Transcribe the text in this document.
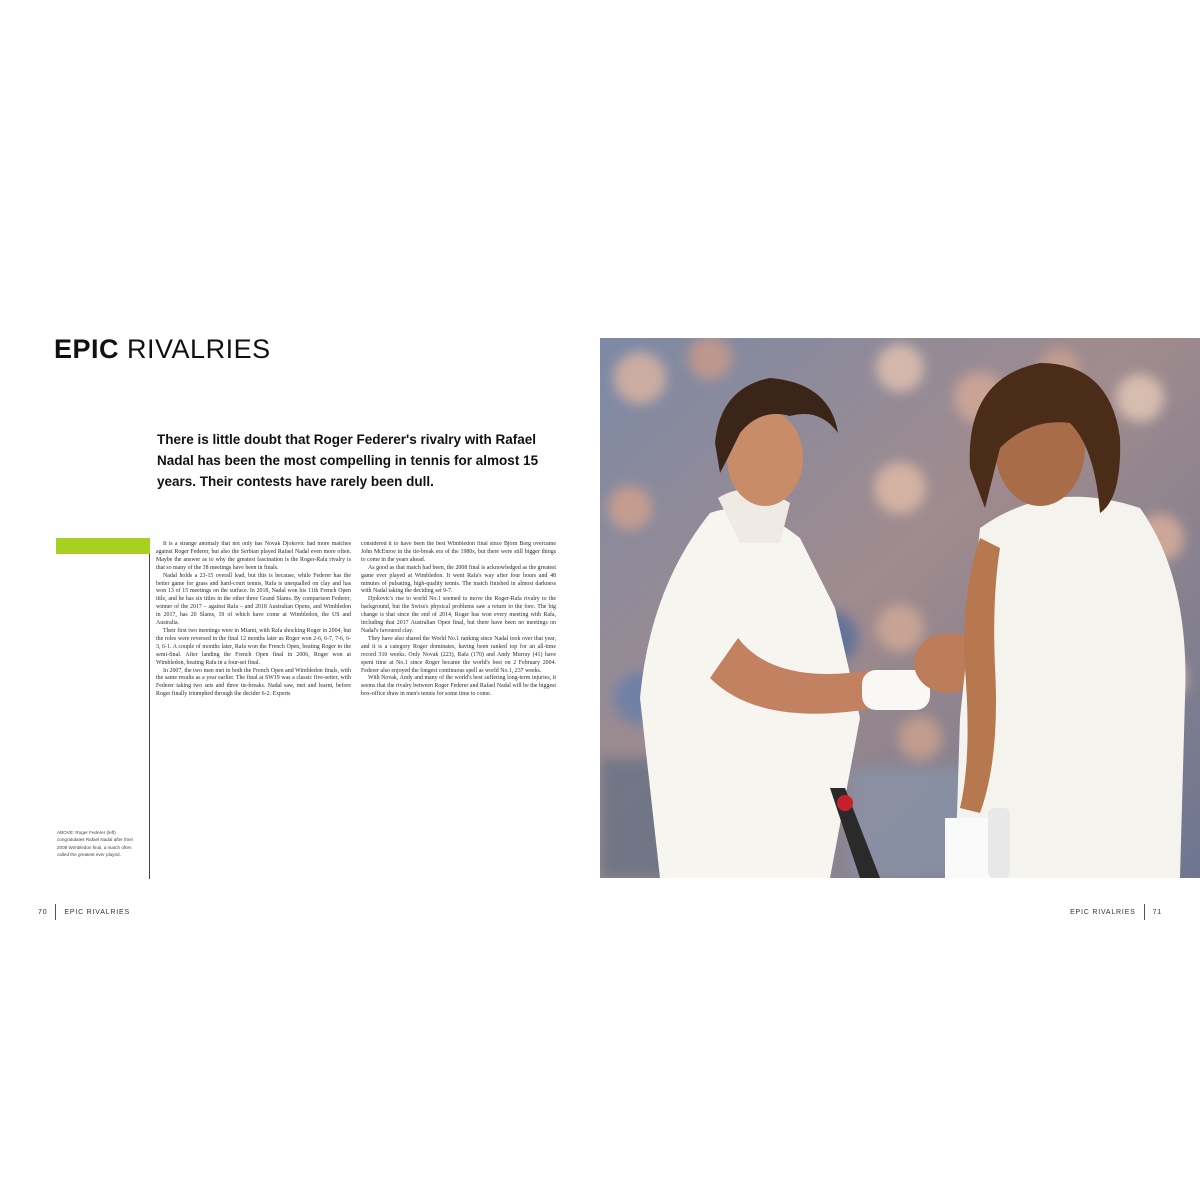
EPIC RIVALRIES

There is little doubt that Roger Federer's rivalry with Rafael Nadal has been the most compelling in tennis for almost 15 years. Their contests have rarely been dull.

ABOVE: Roger Federer (left) congratulates Rafael Nadal after their 2008 Wimbledon final, a match often called the greatest ever played.

It is a strange anomaly that not only has Novak Djokovic had more matches against Roger Federer, but also the Serbian played Rafael Nadal even more often. Maybe the answer as to why the greatest fascination is the Roger-Rafa rivalry is that so many of the 38 meetings have been in finals.

Nadal holds a 23-15 overall lead, but this is because, while Federer has the better game for grass and hard-court tennis, Rafa is unequalled on clay and has won 13 of 15 meetings on the surface. In 2018, Nadal won his 11th French Open title, and he has six titles in the other three Grand Slams. By comparison Federer, winner of the 2017 – against Rafa – and 2018 Australian Opens, and Wimbledon in 2017, has 20 Slams, 19 of which have come at Wimbledon, the US and Australia.

Their first two meetings were in Miami, with Rafa shocking Roger in 2004, but the roles were reversed in the final 12 months later as Roger won 2-6, 6-7, 7-6, 6-3, 6-1. A couple of months later, Rafa won the French Open, beating Roger in the semi-final. After landing the French Open final in 2006, Roger won at Wimbledon, beating Rafa in a four-set final.

In 2007, the two men met in both the French Open and Wimbledon finals, with the same results as a year earlier. The final at SW19 was a classic five-setter, with Federer taking two sets and three tie-breaks. Nadal saw, met and learnt, before Roger finally triumphed through the decider 6-2. Experts

considered it to have been the best Wimbledon final since Bjorn Borg overcame John McEnroe in the tie-break era of the 1980s, but there were still bigger things to come in the years ahead.

As good as that match had been, the 2008 final is acknowledged as the greatest game ever played at Wimbledon. It went Rafa's way after four hours and 48 minutes of pulsating, high-quality tennis. The match finished in almost darkness with Nadal taking the deciding set 9-7.

Djokovic's rise to world No.1 seemed to move the Roger-Rafa rivalry to the background, but the Swiss's physical problems saw a return to the fore. The big change is that since the end of 2014, Roger has won every meeting with Rafa, including that 2017 Australian Open final, but there have been no meetings on Nadal's favoured clay.

They have also shared the World No.1 ranking since Nadal took over that year, and it is a category Roger dominates, having been ranked top for an all-time record 310 weeks. Only Novak (223), Rafa (170) and Andy Murray (41) have spent time at No.1 since Roger became the world's best on 2 February 2004. Federer also enjoyed the longest continuous spell as world No.1, 237 weeks.

With Novak, Andy and many of the world's best suffering long-term injuries, it seems that the rivalry between Roger Federer and Rafael Nadal will be the biggest box-office draw in men's tennis for some time to come.

70 EPIC RIVALRIES	EPIC RIVALRIES 71
